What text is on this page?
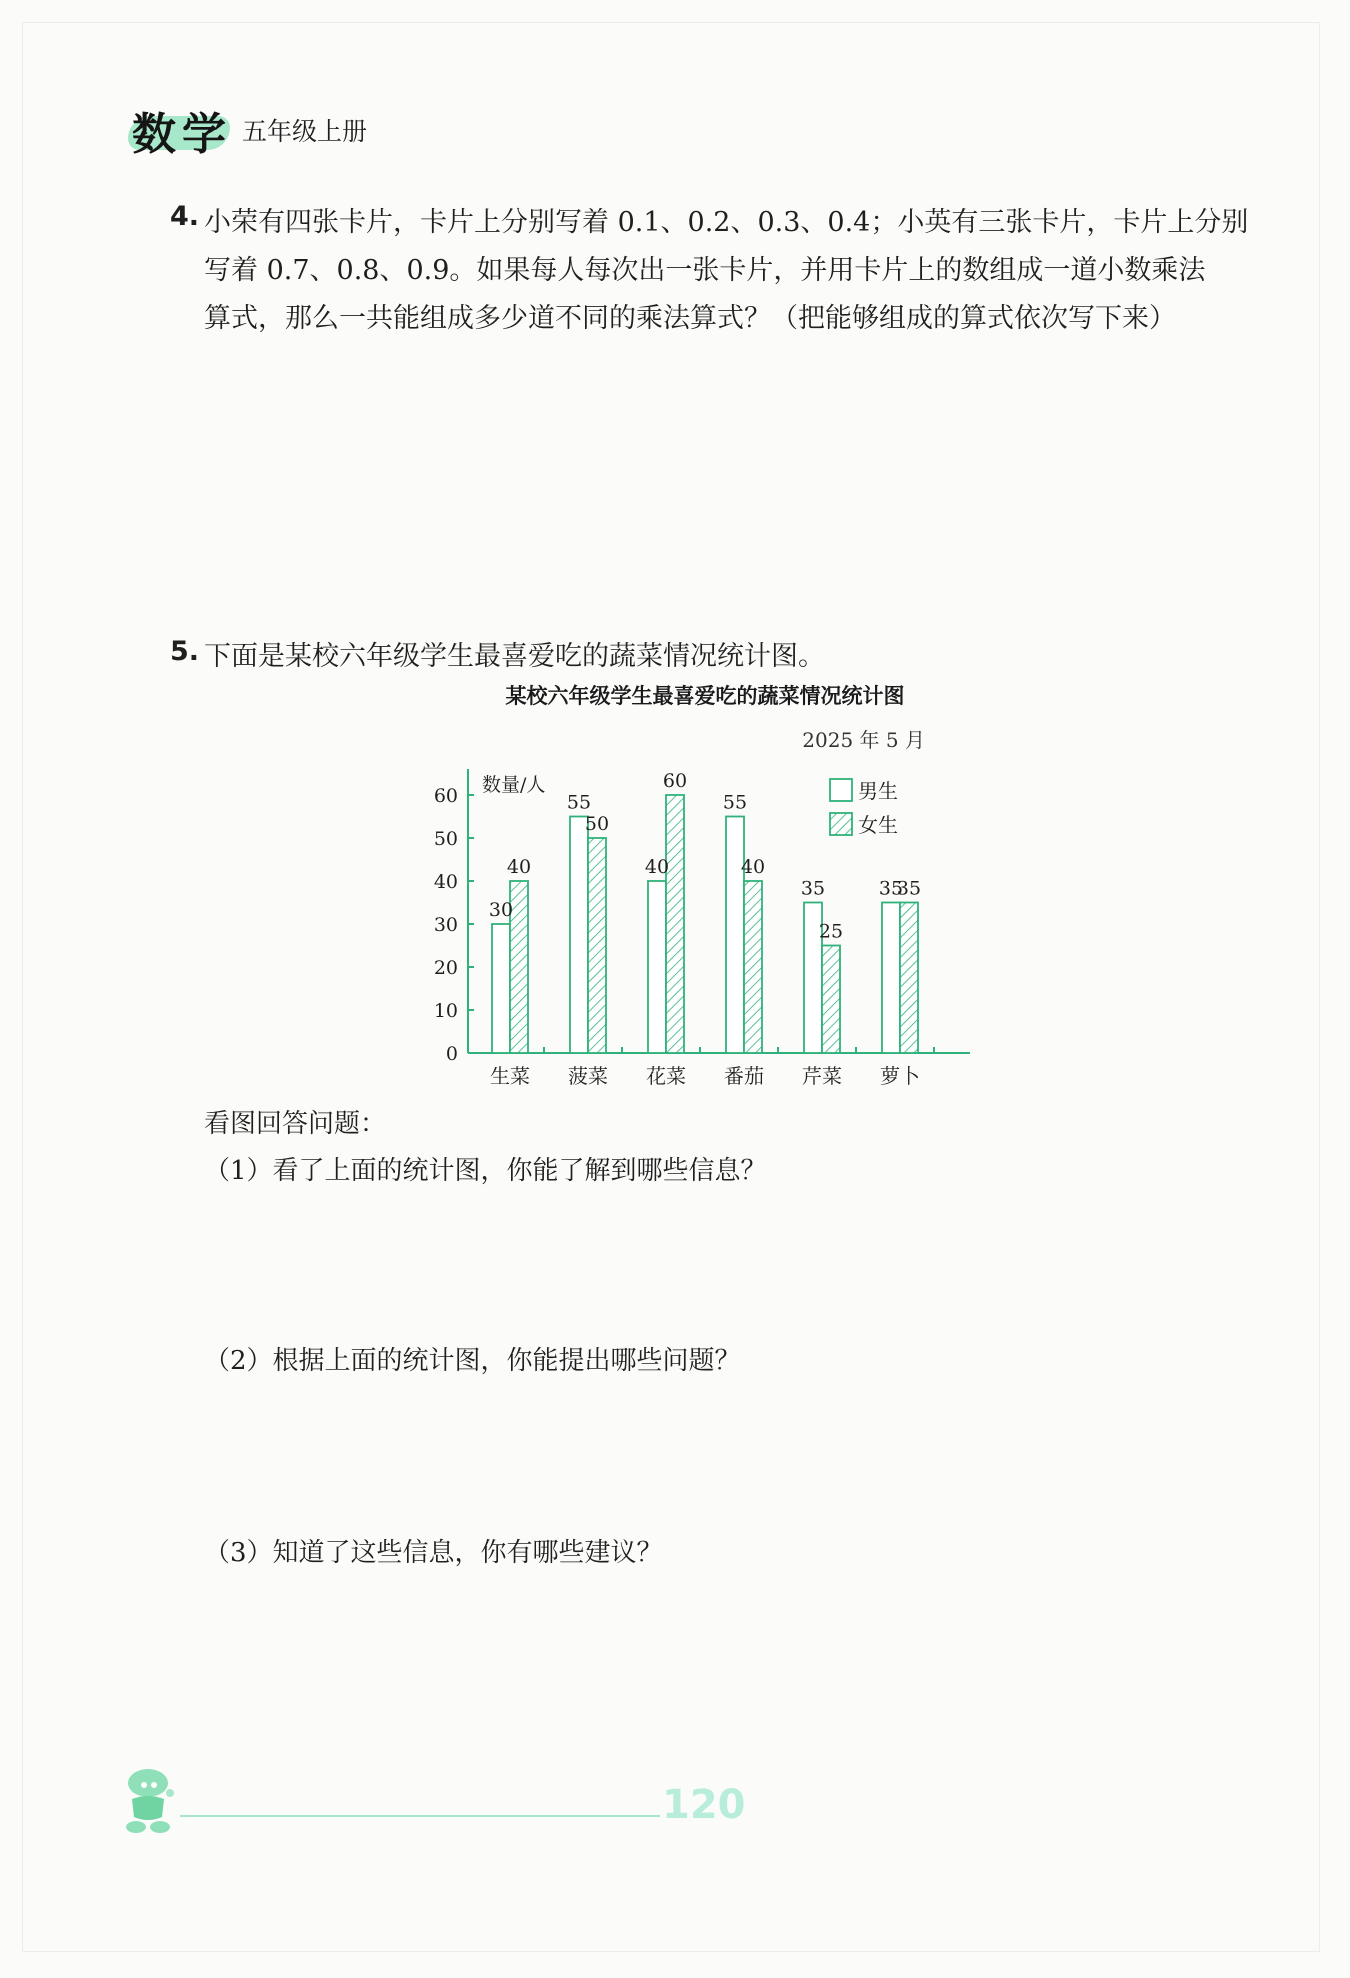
数学 五年级上册
4. 小荣有四张卡片，卡片上分别写着 0.1、0.2、0.3、0.4；小英有三张卡片，卡片上分别
写着 0.7、0.8、0.9。如果每人每次出一张卡片，并用卡片上的数组成一道小数乘法
算式，那么一共能组成多少道不同的乘法算式？（把能够组成的算式依次写下来）
5. 下面是某校六年级学生最喜爱吃的蔬菜情况统计图。
某校六年级学生最喜爱吃的蔬菜情况统计图
2025 年 5 月
数量/人
0
10
20
30
40
50
60
30
40
55
50
40
60
55
40
35
25
35
35
生菜 菠菜 花菜 番茄 芹菜 萝卜
男生
女生
看图回答问题：
（1）看了上面的统计图，你能了解到哪些信息？
（2）根据上面的统计图，你能提出哪些问题？
（3）知道了这些信息，你有哪些建议？
120
